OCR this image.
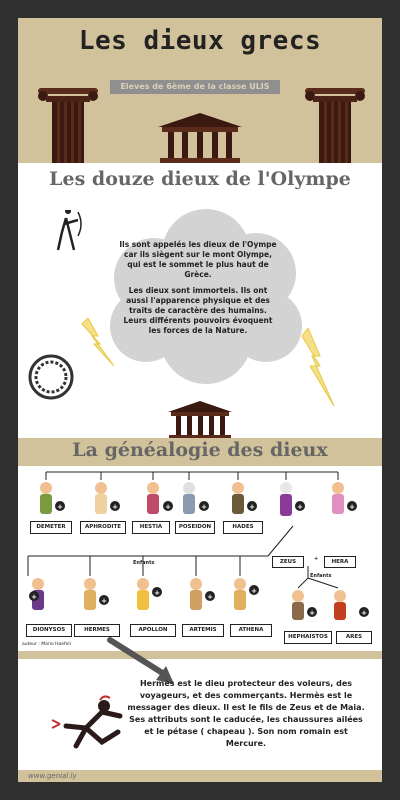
Les dieux grecs
Eleves de 6ème de la classe ULIS
Les douze dieux de l'Olympe
Ils sont appelés les dieux de l'Oympe car ils siègent sur le mont Olympe, qui est le sommet le plus haut de Grèce.
Les dieux sont immortels. Ils ont aussi l'apparence physique et des traits de caractère des humains. Leurs différents pouvoirs évoquent les forces de la Nature.
La généalogie des dieux
+	+	+	+	+	+	+
+	+
+	+
+
+	+
DEMETER	APHRODITE	HESTIA	POSEIDON	HADES
Enfants	ZEUS	+	HERA
Enfants
DIONYSOS	HERMES	APOLLON	ARTEMIS	ATHENA
HEPHAISTOS	ARES
auteur : Mario Haefeli
Hermès est le dieu protecteur des voleurs, des voyageurs, et des commerçants. Hermès est le messager des dieux. Il est le fils de Zeus et de Maia. Ses attributs sont le caducée, les chaussures ailées et le pétase ( chapeau ). Son nom romain est Mercure.
www.genial.ly
